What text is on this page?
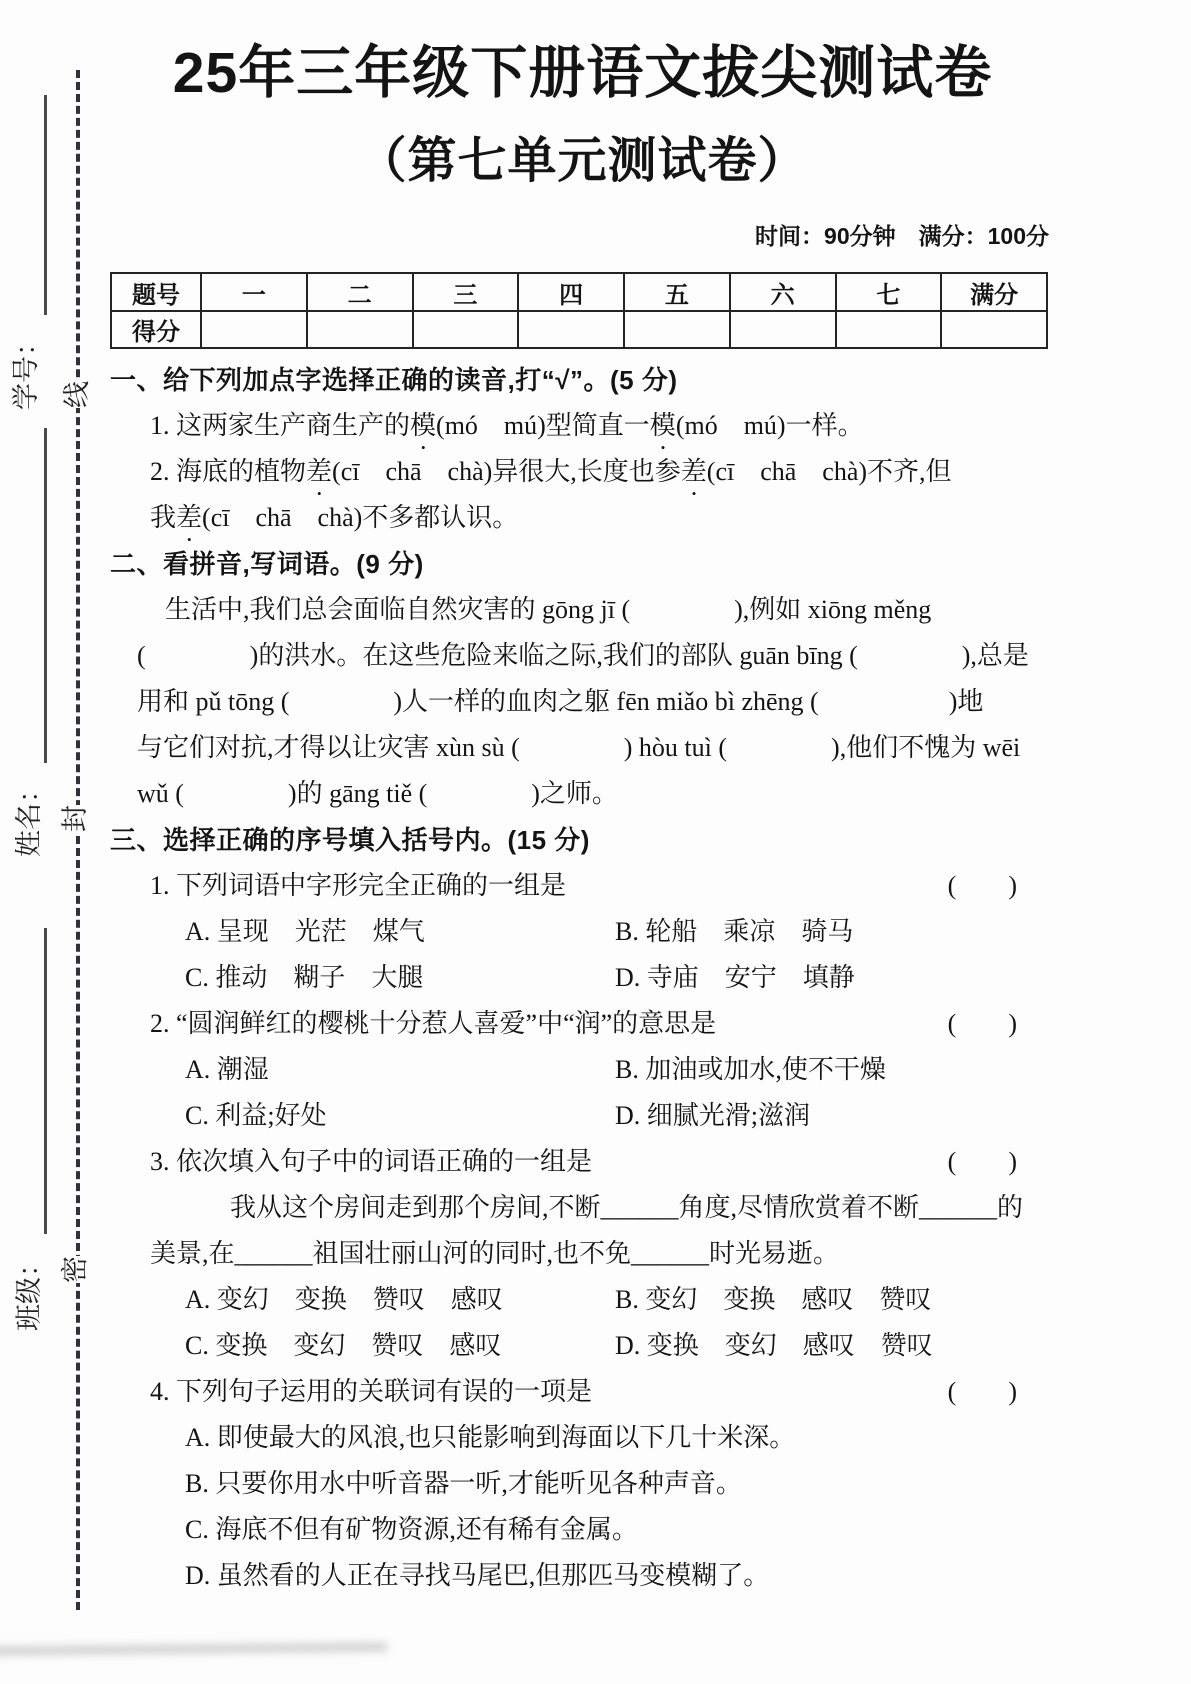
学号： 线
姓名： 封
班级： 密
25年三年级下册语文拔尖测试卷
（第七单元测试卷）
时间：90分钟　满分：100分
题号	一	二	三	四	五	六	七	满分
得分								
一、给下列加点字选择正确的读音,打“√”。(5 分)
1. 这两家生产商生产的模(mó　mú)型简直一模(mó　mú)一样。
2. 海底的植物差(cī　chā　chà)异很大,长度也参差(cī　chā　chà)不齐,但
我差(cī　chā　chà)不多都认识。
二、看拼音,写词语。(9 分)
生活中,我们总会面临自然灾害的 gōng jī (　　　　),例如 xiōng měng
(　　　　)的洪水。在这些危险来临之际,我们的部队 guān bīng (　　　　),总是
用和 pǔ tōng (　　　　)人一样的血肉之躯 fēn miǎo bì zhēng (　　　　　)地
与它们对抗,才得以让灾害 xùn sù (　　　　) hòu tuì (　　　　),他们不愧为 wēi
wǔ (　　　　)的 gāng tiě (　　　　)之师。
三、选择正确的序号填入括号内。(15 分)
1. 下列词语中字形完全正确的一组是	(　　)
A. 呈现　光茫　煤气	B. 轮船　乘凉　骑马
C. 推动　糊子　大腿	D. 寺庙　安宁　填静
2. “圆润鲜红的樱桃十分惹人喜爱”中“润”的意思是	(　　)
A. 潮湿	B. 加油或加水,使不干燥
C. 利益;好处	D. 细腻光滑;滋润
3. 依次填入句子中的词语正确的一组是	(　　)
我从这个房间走到那个房间,不断______角度,尽情欣赏着不断______的
美景,在______祖国壮丽山河的同时,也不免______时光易逝。
A. 变幻　变换　赞叹　感叹	B. 变幻　变换　感叹　赞叹
C. 变换　变幻　赞叹　感叹	D. 变换　变幻　感叹　赞叹
4. 下列句子运用的关联词有误的一项是	(　　)
A. 即使最大的风浪,也只能影响到海面以下几十米深。
B. 只要你用水中听音器一听,才能听见各种声音。
C. 海底不但有矿物资源,还有稀有金属。
D. 虽然看的人正在寻找马尾巴,但那匹马变模糊了。
